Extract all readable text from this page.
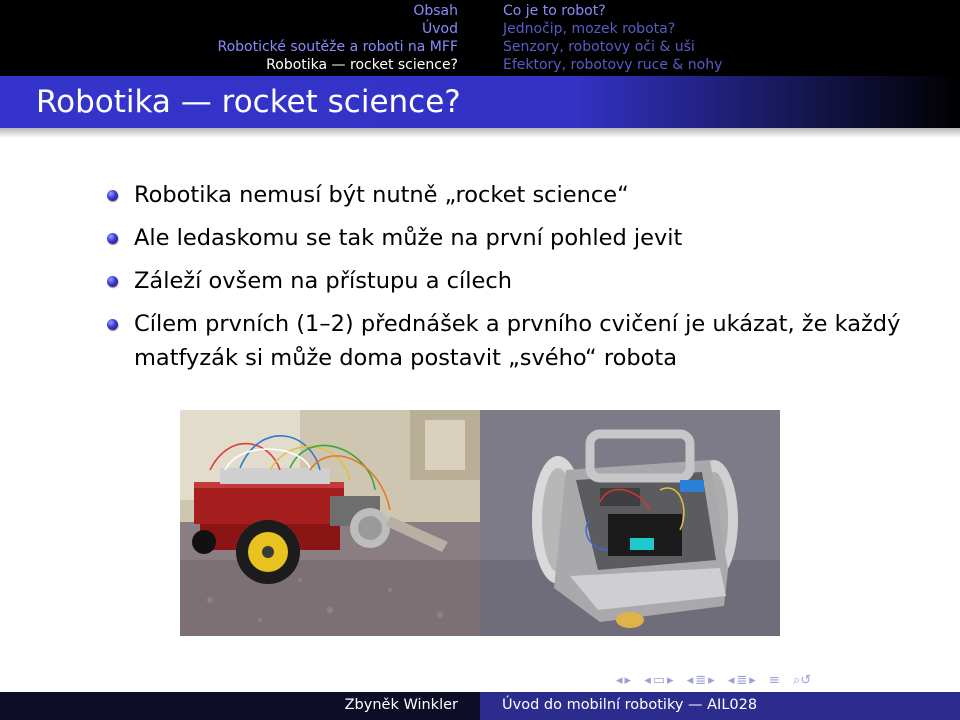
Obsah
Úvod
Robotické soutěže a roboti na MFF
Robotika — rocket science?
Co je to robot?
Jednočip, mozek robota?
Senzory, robotovy oči & uši
Efektory, robotovy ruce & nohy
Robotika — rocket science?
Robotika nemusí být nutně „rocket science“
Ale ledaskomu se tak může na první pohled jevit
Záleží ovšem na přístupu a cílech
Cílem prvních (1–2) přednášek a prvního cvičení je ukázat, že každý matfyzák si může doma postavit „svého“ robota
◂ ▸ ◂ ▭ ▸ ◂ ≣ ▸ ◂ ≣ ▸ ≡ ⌕↺
Zbyněk Winkler	Úvod do mobilní robotiky — AIL028
